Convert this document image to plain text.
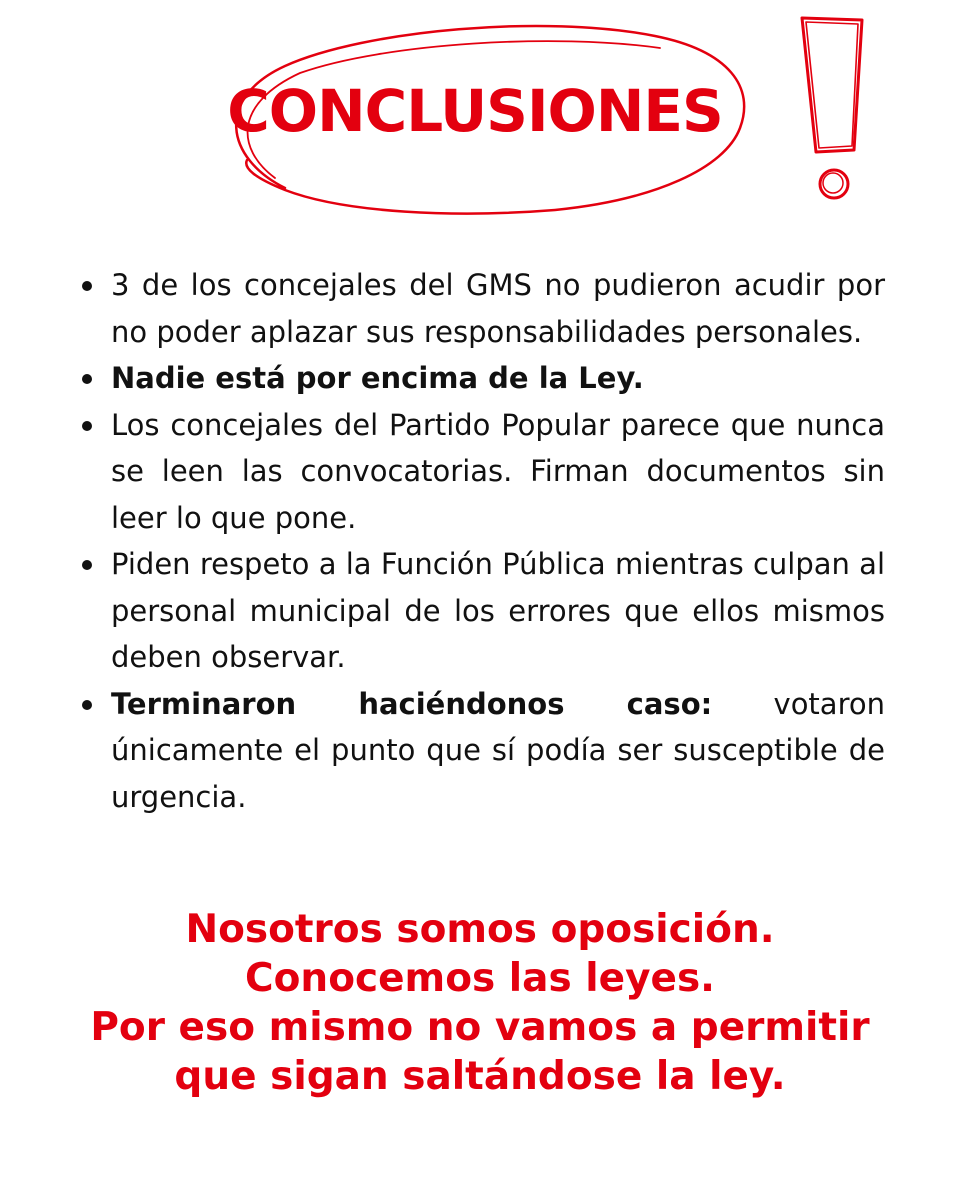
CONCLUSIONES
3 de los concejales del GMS no pudieron acudir por no poder aplazar sus responsabilidades personales.
Nadie está por encima de la Ley.
Los concejales del Partido Popular parece que nunca se leen las convocatorias. Firman documentos sin leer lo que pone.
Piden respeto a la Función Pública mientras culpan al personal municipal de los errores que ellos mismos deben observar.
Terminaron haciéndonos caso: votaron únicamente el punto que sí podía ser susceptible de urgencia.
Nosotros somos oposición.
Conocemos las leyes.
Por eso mismo no vamos a permitir
que sigan saltándose la ley.
